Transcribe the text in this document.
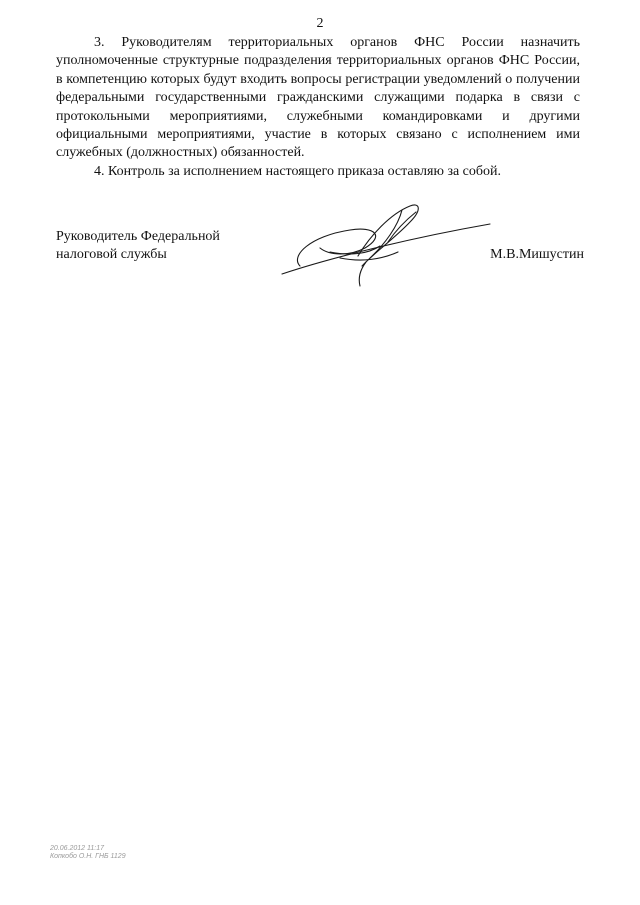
2

3. Руководителям территориальных органов ФНС России назначить уполномоченные структурные подразделения территориальных органов ФНС России, в компетенцию которых будут входить вопросы регистрации уведомлений о получении федеральными государственными гражданскими служащими подарка в связи с протокольными мероприятиями, служебными командировками и другими официальными мероприятиями, участие в которых связано с исполнением ими служебных (должностных) обязанностей.

4. Контроль за исполнением настоящего приказа оставляю за собой.

Руководитель Федеральной
налоговой службы	М.В.Мишустин
20.06.2012 11:17
Копкобо О.Н. ГНБ 1129
